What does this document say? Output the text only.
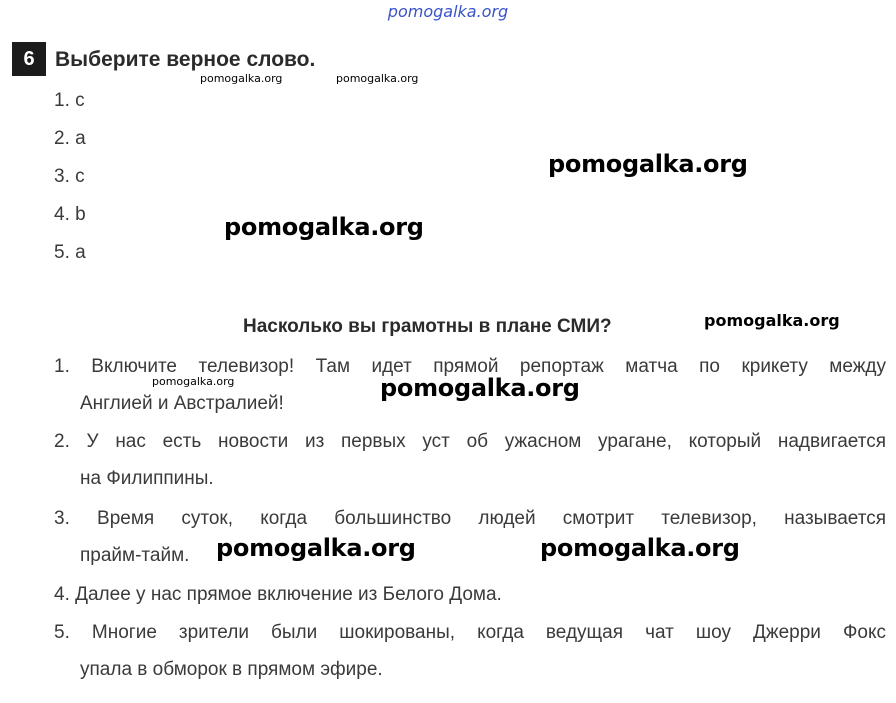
pomogalka.org
6 Выберите верное слово.
pomogalka.org	pomogalka.org
1. c
2. a
3. c
4. b
5. a
pomogalka.org
pomogalka.org
Насколько вы грамотны в плане СМИ?	pomogalka.org
1. Включите телевизор! Там идет прямой репортаж матча по крикету между
Англией и Австралией!
2. У нас есть новости из первых уст об ужасном урагане, который надвигается
на Филиппины.
3. Время суток, когда большинство людей смотрит телевизор, называется
прайм-тайм.
4. Далее у нас прямое включение из Белого Дома.
5. Многие зрители были шокированы, когда ведущая чат шоу Джерри Фокс
упала в обморок в прямом эфире.
pomogalka.org	pomogalka.org
pomogalka.org	pomogalka.org
